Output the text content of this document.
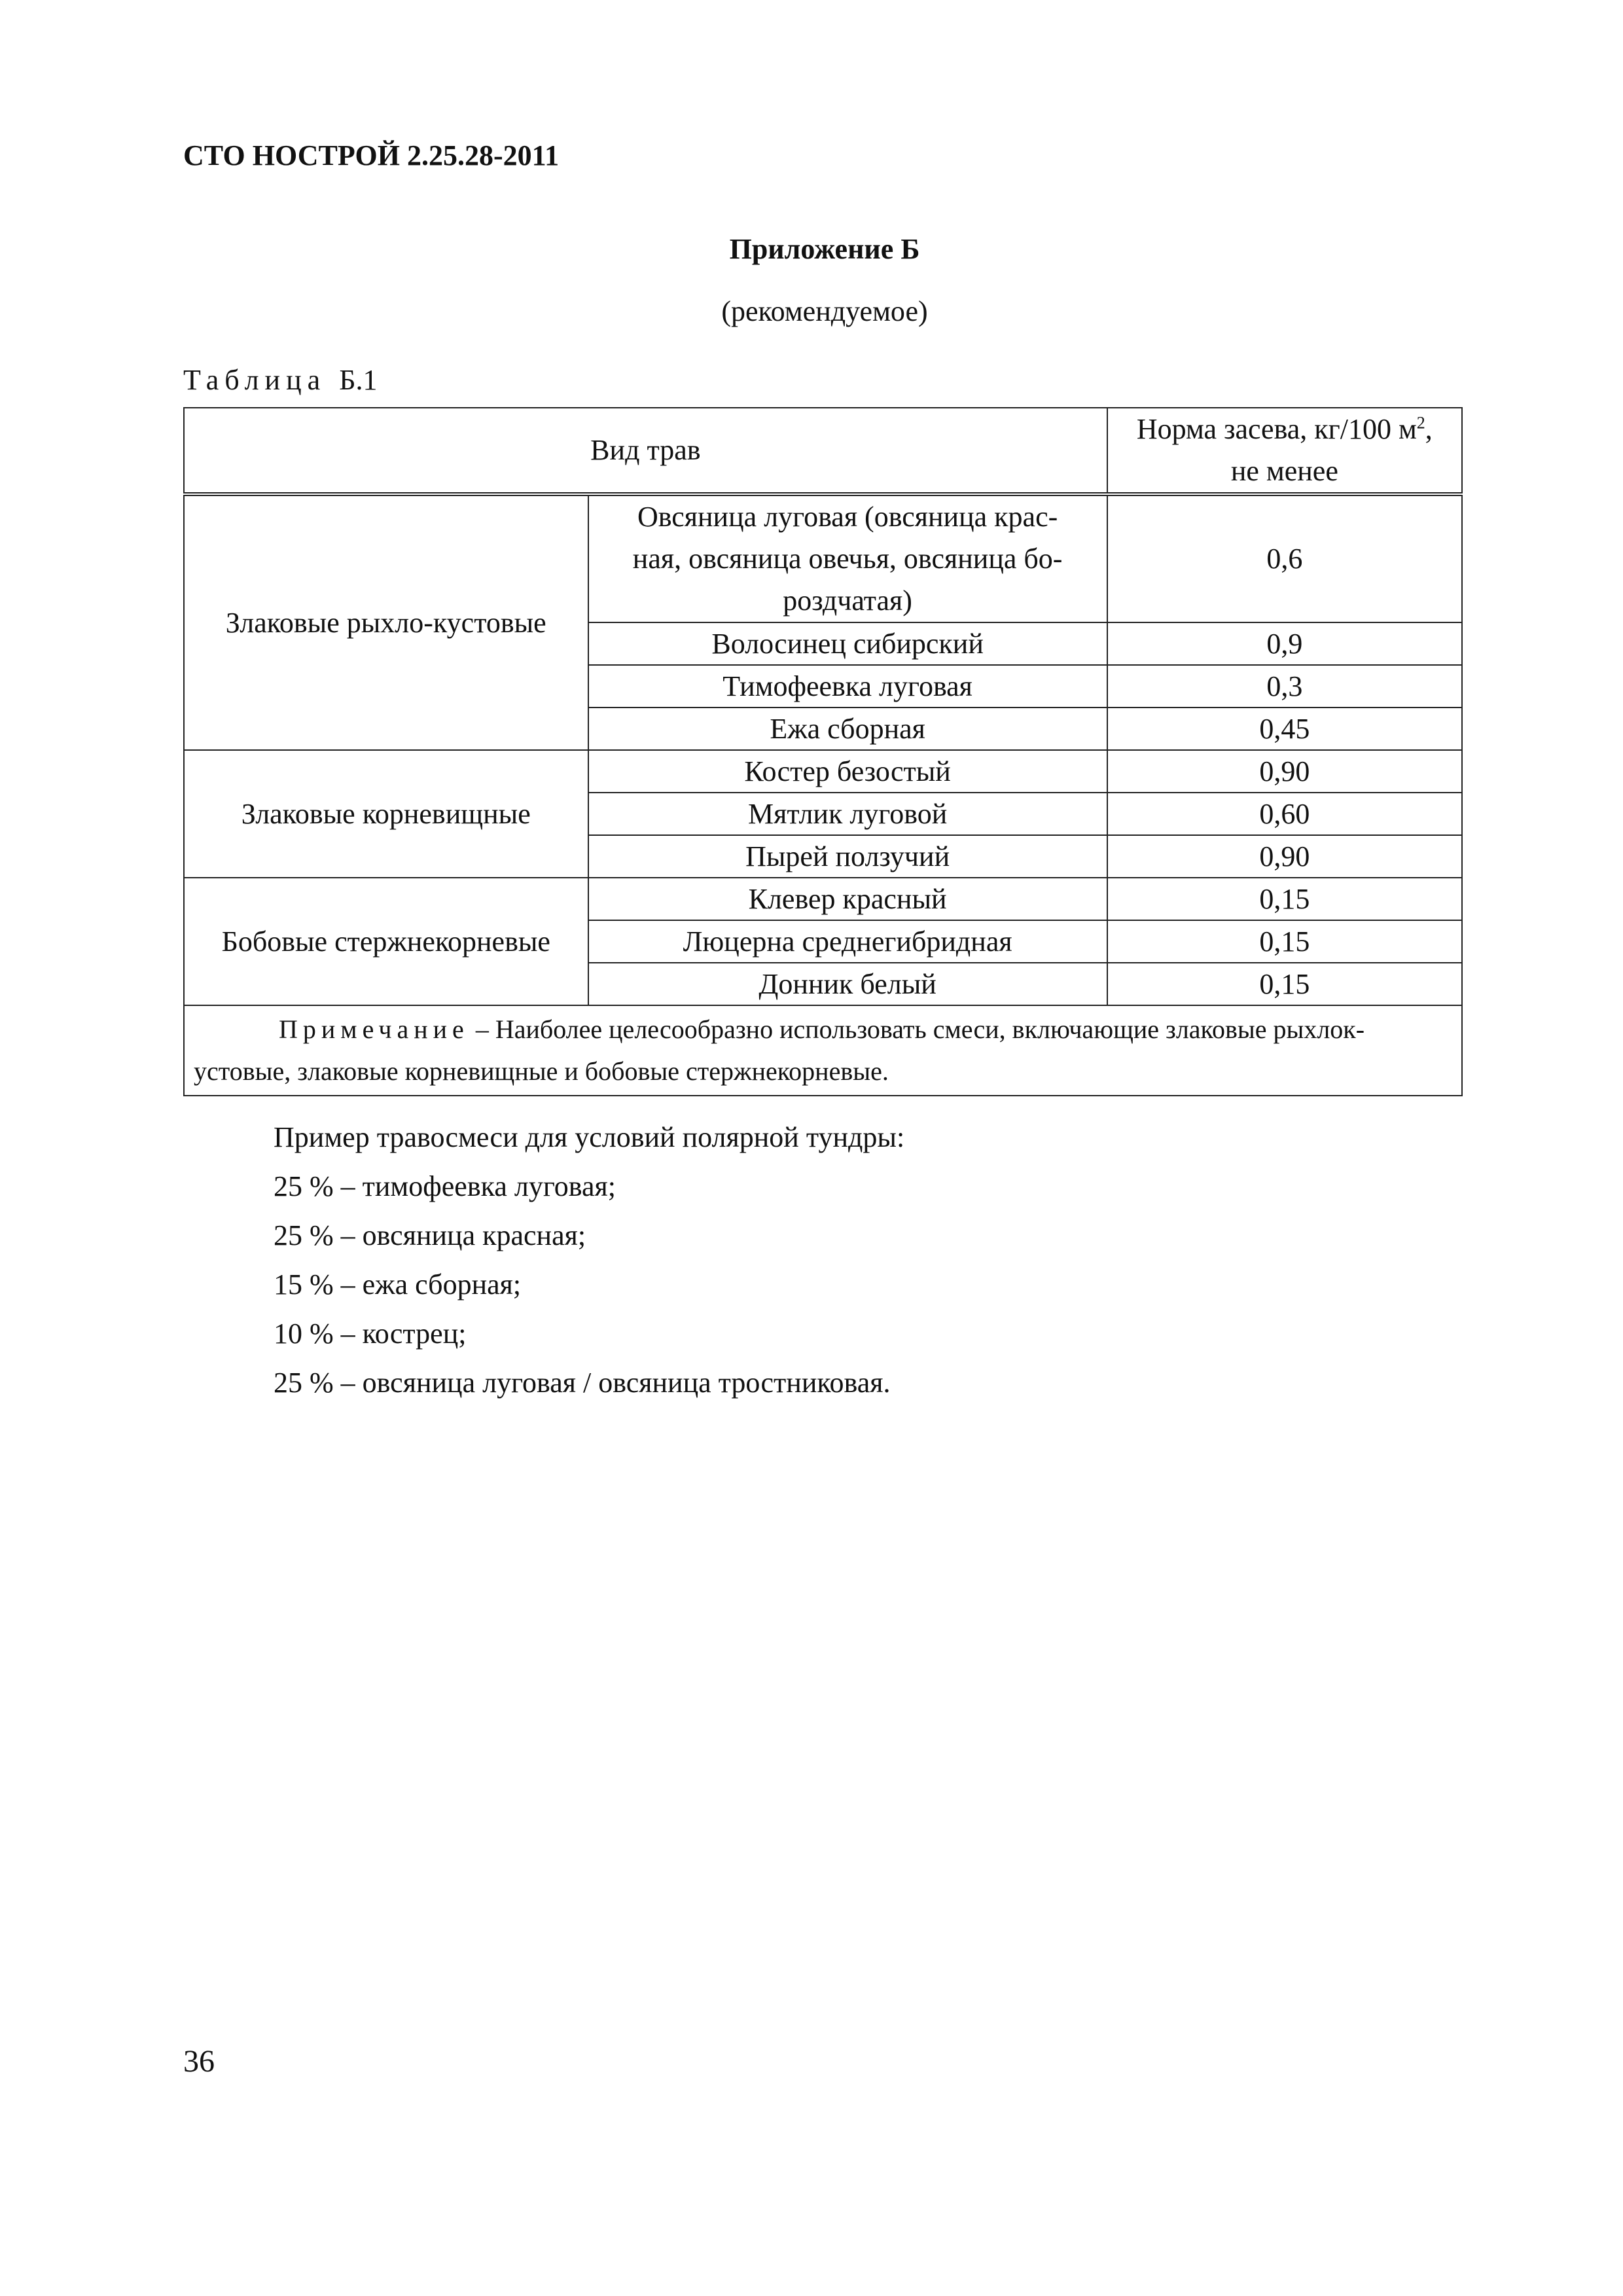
СТО НОСТРОЙ 2.25.28-2011
Приложение Б
(рекомендуемое)
Таблица Б.1
Вид трав		Норма засева, кг/100 $м^2$,
не менее
Злаковые рыхло-кустовые	Овсяница луговая (овсяница крас-
ная, овсяница овечья, овсяница бо-
роздчатая)	0,6
	Волосинец сибирский	0,9
	Тимофеевка луговая	0,3
	Ежа сборная	0,45
Злаковые корневищные	Костер безостый	0,90
	Мятлик луговой	0,60
	Пырей ползучий	0,90
Бобовые стержнекорневые	Клевер красный	0,15
	Люцерна среднегибридная	0,15
	Донник белый	0,15
Примечание – Наиболее целесообразно использовать смеси, включающие злаковые рыхлок-устовые, злаковые корневищные и бобовые стержнекорневые.		
Пример травосмеси для условий полярной тундры:
25 % – тимофеевка луговая;
25 % – овсяница красная;
15 % – ежа сборная;
10 % – кострец;
25 % – овсяница луговая / овсяница тростниковая.
36
